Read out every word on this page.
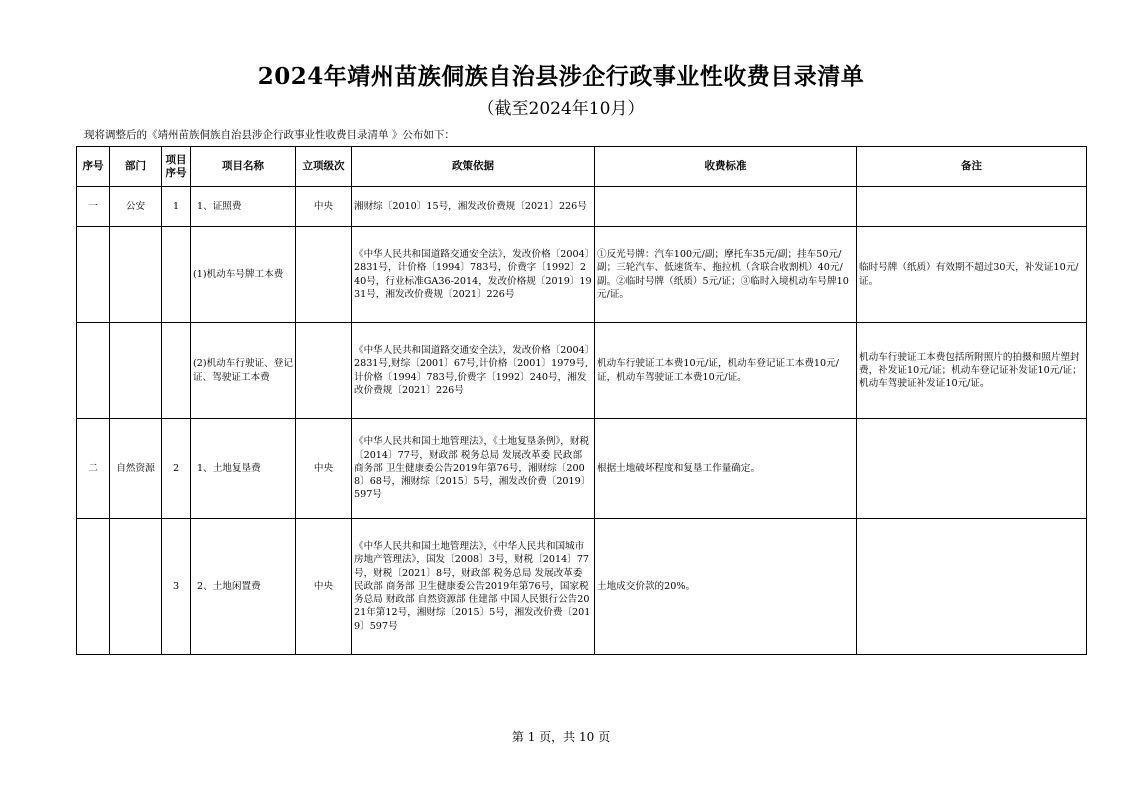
2024年靖州苗族侗族自治县涉企行政事业性收费目录清单
（截至2024年10月）
现将调整后的《靖州苗族侗族自治县涉企行政事业性收费目录清单 》公布如下：
序号	部门	项目序号	项目名称	立项级次	政策依据	收费标准	备注
一	公安	1	1、证照费	中央	湘财综〔2010〕15号，湘发改价费规〔2021〕226号		
			(1)机动车号牌工本费		《中华人民共和国道路交通安全法》，发改价格〔2004〕2831号，计价格〔1994〕783号，价费字〔1992〕240号，行业标准GA36-2014，发改价格规〔2019〕1931号，湘发改价费规〔2021〕226号	①反光号牌：汽车100元/副；摩托车35元/副；挂车50元/副；三轮汽车、低速货车、拖拉机（含联合收割机）40元/副。②临时号牌（纸质）5元/证；③临时入境机动车号牌10元/证。	临时号牌（纸质）有效期不超过30天，补发证10元/证。
			(2)机动车行驶证、登记证、驾驶证工本费		《中华人民共和国道路交通安全法》，发改价格〔2004〕2831号,财综〔2001〕67号,计价格〔2001〕1979号,计价格〔1994〕783号,价费字〔1992〕240号，湘发改价费规〔2021〕226号	机动车行驶证工本费10元/证，机动车登记证工本费10元/证，机动车驾驶证工本费10元/证。	机动车行驶证工本费包括所附照片的拍摄和照片塑封费，补发证10元/证；机动车登记证补发证10元/证；机动车驾驶证补发证10元/证。
二	自然资源	2	1、土地复垦费	中央	《中华人民共和国土地管理法》，《土地复垦条例》，财税〔2014〕77号，财政部 税务总局 发展改革委 民政部 商务部 卫生健康委公告2019年第76号，湘财综〔2008〕68号，湘财综〔2015〕5号，湘发改价费〔2019〕597号	根据土地破坏程度和复垦工作量确定。	
		3	2、土地闲置费	中央	《中华人民共和国土地管理法》，《中华人民共和国城市房地产管理法》，国发〔2008〕3号，财税〔2014〕77号，财税〔2021〕8号，财政部 税务总局 发展改革委 民政部 商务部 卫生健康委公告2019年第76号，国家税务总局 财政部 自然资源部 住建部 中国人民银行公告2021年第12号，湘财综〔2015〕5号，湘发改价费〔2019〕597号	土地成交价款的20%。	
第 1 页，共 10 页
